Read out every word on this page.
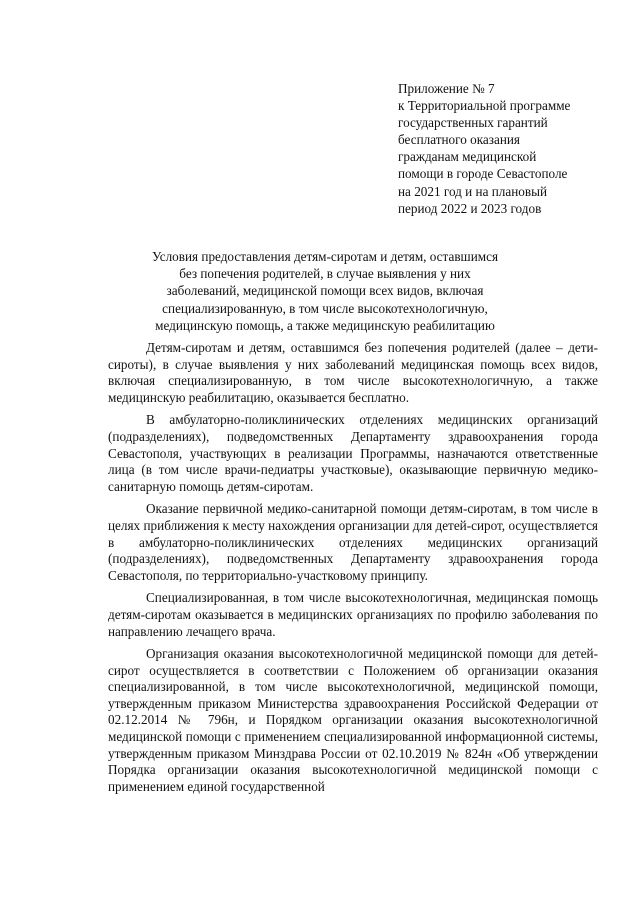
Приложение № 7
к Территориальной программе
государственных гарантий
бесплатного оказания
гражданам медицинской
помощи в городе Севастополе
на 2021 год и на плановый
период 2022 и 2023 годов
Условия предоставления детям-сиротам и детям, оставшимся
без попечения родителей, в случае выявления у них
заболеваний, медицинской помощи всех видов, включая
специализированную, в том числе высокотехнологичную,
медицинскую помощь, а также медицинскую реабилитацию

Детям-сиротам и детям, оставшимся без попечения родителей (далее – дети-сироты), в случае выявления у них заболеваний медицинская помощь всех видов, включая специализированную, в том числе высокотехнологичную, а также медицинскую реабилитацию, оказывается бесплатно.

В амбулаторно-поликлинических отделениях медицинских организаций (подразделениях), подведомственных Департаменту здравоохранения города Севастополя, участвующих в реализации Программы, назначаются ответственные лица (в том числе врачи-педиатры участковые), оказывающие первичную медико-санитарную помощь детям-сиротам.

Оказание первичной медико-санитарной помощи детям-сиротам, в том числе в целях приближения к месту нахождения организации для детей-сирот, осуществляется в амбулаторно-поликлинических отделениях медицинских организаций (подразделениях), подведомственных Департаменту здравоохранения города Севастополя, по территориально-участковому принципу.

Специализированная, в том числе высокотехнологичная, медицинская помощь детям-сиротам оказывается в медицинских организациях по профилю заболевания по направлению лечащего врача.

Организация оказания высокотехнологичной медицинской помощи для детей-сирот осуществляется в соответствии с Положением об организации оказания специализированной, в том числе высокотехнологичной, медицинской помощи, утвержденным приказом Министерства здравоохранения Российской Федерации от 02.12.2014 № 796н, и Порядком организации оказания высокотехнологичной медицинской помощи с применением специализированной информационной системы, утвержденным приказом Минздрава России от 02.10.2019 № 824н «Об утверждении Порядка организации оказания высокотехнологичной медицинской помощи с применением единой государственной
